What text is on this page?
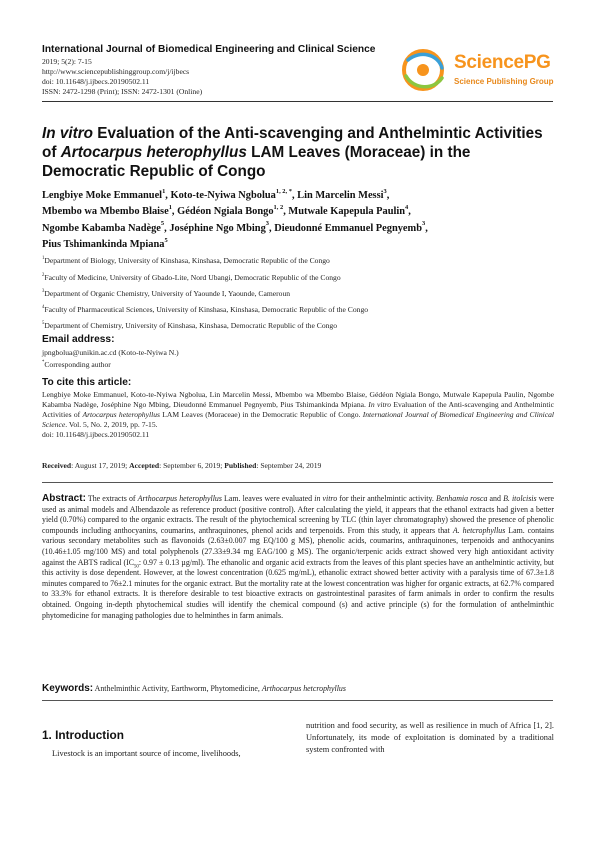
International Journal of Biomedical Engineering and Clinical Science
2019; 5(2): 7-15
http://www.sciencepublishinggroup.com/j/ijbecs
doi: 10.11648/j.ijbecs.20190502.11
ISSN: 2472-1298 (Print); ISSN: 2472-1301 (Online)
SciencePG
Science Publishing Group
In vitro Evaluation of the Anti-scavenging and Anthelmintic Activities of Artocarpus heterophyllus LAM Leaves (Moraceae) in the Democratic Republic of Congo
Lengbiye Moke Emmanuel$^1$, Koto-te-Nyiwa Ngbolua$^{1, 2, *}$, Lin Marcelin Messi$^3$,
Mbembo wa Mbembo Blaise$^1$, Gédéon Ngiala Bongo$^{1, 2}$, Mutwale Kapepula Paulin$^4$,
Ngombe Kabamba Nadège$^5$, Joséphine Ngo Mbing$^3$, Dieudonné Emmanuel Pegnyemb$^3$,
Pius Tshimankinda Mpiana$^5$
$^1$Department of Biology, University of Kinshasa, Kinshasa, Democratic Republic of the Congo
$^2$Faculty of Medicine, University of Gbado-Lite, Nord Ubangi, Democratic Republic of the Congo
$^3$Department of Organic Chemistry, University of Yaounde I, Yaounde, Cameroun
$^4$Faculty of Pharmaceutical Sciences, University of Kinshasa, Kinshasa, Democratic Republic of the Congo
$^5$Department of Chemistry, University of Kinshasa, Kinshasa, Democratic Republic of the Congo
Email address:
jpngbolua@unikin.ac.cd (Koto-te-Nyiwa N.)
*Corresponding author
To cite this article:
Lengbiye Moke Emmanuel, Koto-te-Nyiwa Ngbolua, Lin Marcelin Messi, Mbembo wa Mbembo Blaise, Gédéon Ngiala Bongo, Mutwale Kapepula Paulin, Ngombe Kabamba Nadège, Joséphine Ngo Mbing, Dieudonné Emmanuel Pegnyemb, Pius Tshimankinda Mpiana. In vitro Evaluation of the Anti-scavenging and Anthelmintic Activities of Artocarpus heterophyllus LAM Leaves (Moraceae) in the Democratic Republic of Congo. International Journal of Biomedical Engineering and Clinical Science. Vol. 5, No. 2, 2019, pp. 7-15.
doi: 10.11648/j.ijbecs.20190502.11
Received: August 17, 2019; Accepted: September 6, 2019; Published: September 24, 2019
Abstract: The extracts of Arthocarpus heterophyllus Lam. leaves were evaluated in vitro for their anthelmintic activity. Benhamia rosca and B. itolcisis were used as animal models and Albendazole as reference product (positive control). After calculating the yield, it appears that the ethanol extracts had given a better yield (0.70%) compared to the organic extracts. The result of the phytochemical screening by TLC (thin layer chromatography) showed the presence of phenolic compounds including anthocyanins, coumarins, anthraquinones, phenol acids and terpenoids. From this study, it appears that A. hetcrophyllus Lam. contains various secondary metabolites such as flavonoids (2.63±0.007 mg EQ/100 g MS), phenolic acids, coumarins, anthraquinones, terpenoids and anthocyanins (10.46±1.05 mg/100 MS) and total polyphenols (27.33±9.34 mg EAG/100 g MS). The organic/terpenic acids extract showed very high antioxidant activity against the ABTS radical ($IC_{50}$: 0.97 ± 0.13 µg/ml). The ethanolic and organic acid extracts from the leaves of this plant species have an anthelmintic activity, but this activity is dose dependent. However, at the lowest concentration (0.625 mg/mL), ethanolic extract showed better activity with a paralysis time of 67.3±1.8 minutes compared to 76±2.1 minutes for the organic extract. But the mortality rate at the lowest concentration was higher for organic extracts, at 62.7% compared to 33.3% for ethanol extracts. It is therefore desirable to test bioactive extracts on gastrointestinal parasites of farm animals in order to confirm the results obtained. Ongoing in-depth phytochemical studies will identify the chemical compound (s) and active principle (s) for the formulation of anthelminthic phytomedicine for managing pathologies due to helminthes in farm animals.
Keywords: Anthelminthic Activity, Earthworm, Phytomedicine, Arthocarpus hetcrophyllus
1. Introduction
Livestock is an important source of income, livelihoods,
nutrition and food security, as well as resilience in much of Africa [1, 2]. Unfortunately, its mode of exploitation is dominated by a traditional system confronted with
